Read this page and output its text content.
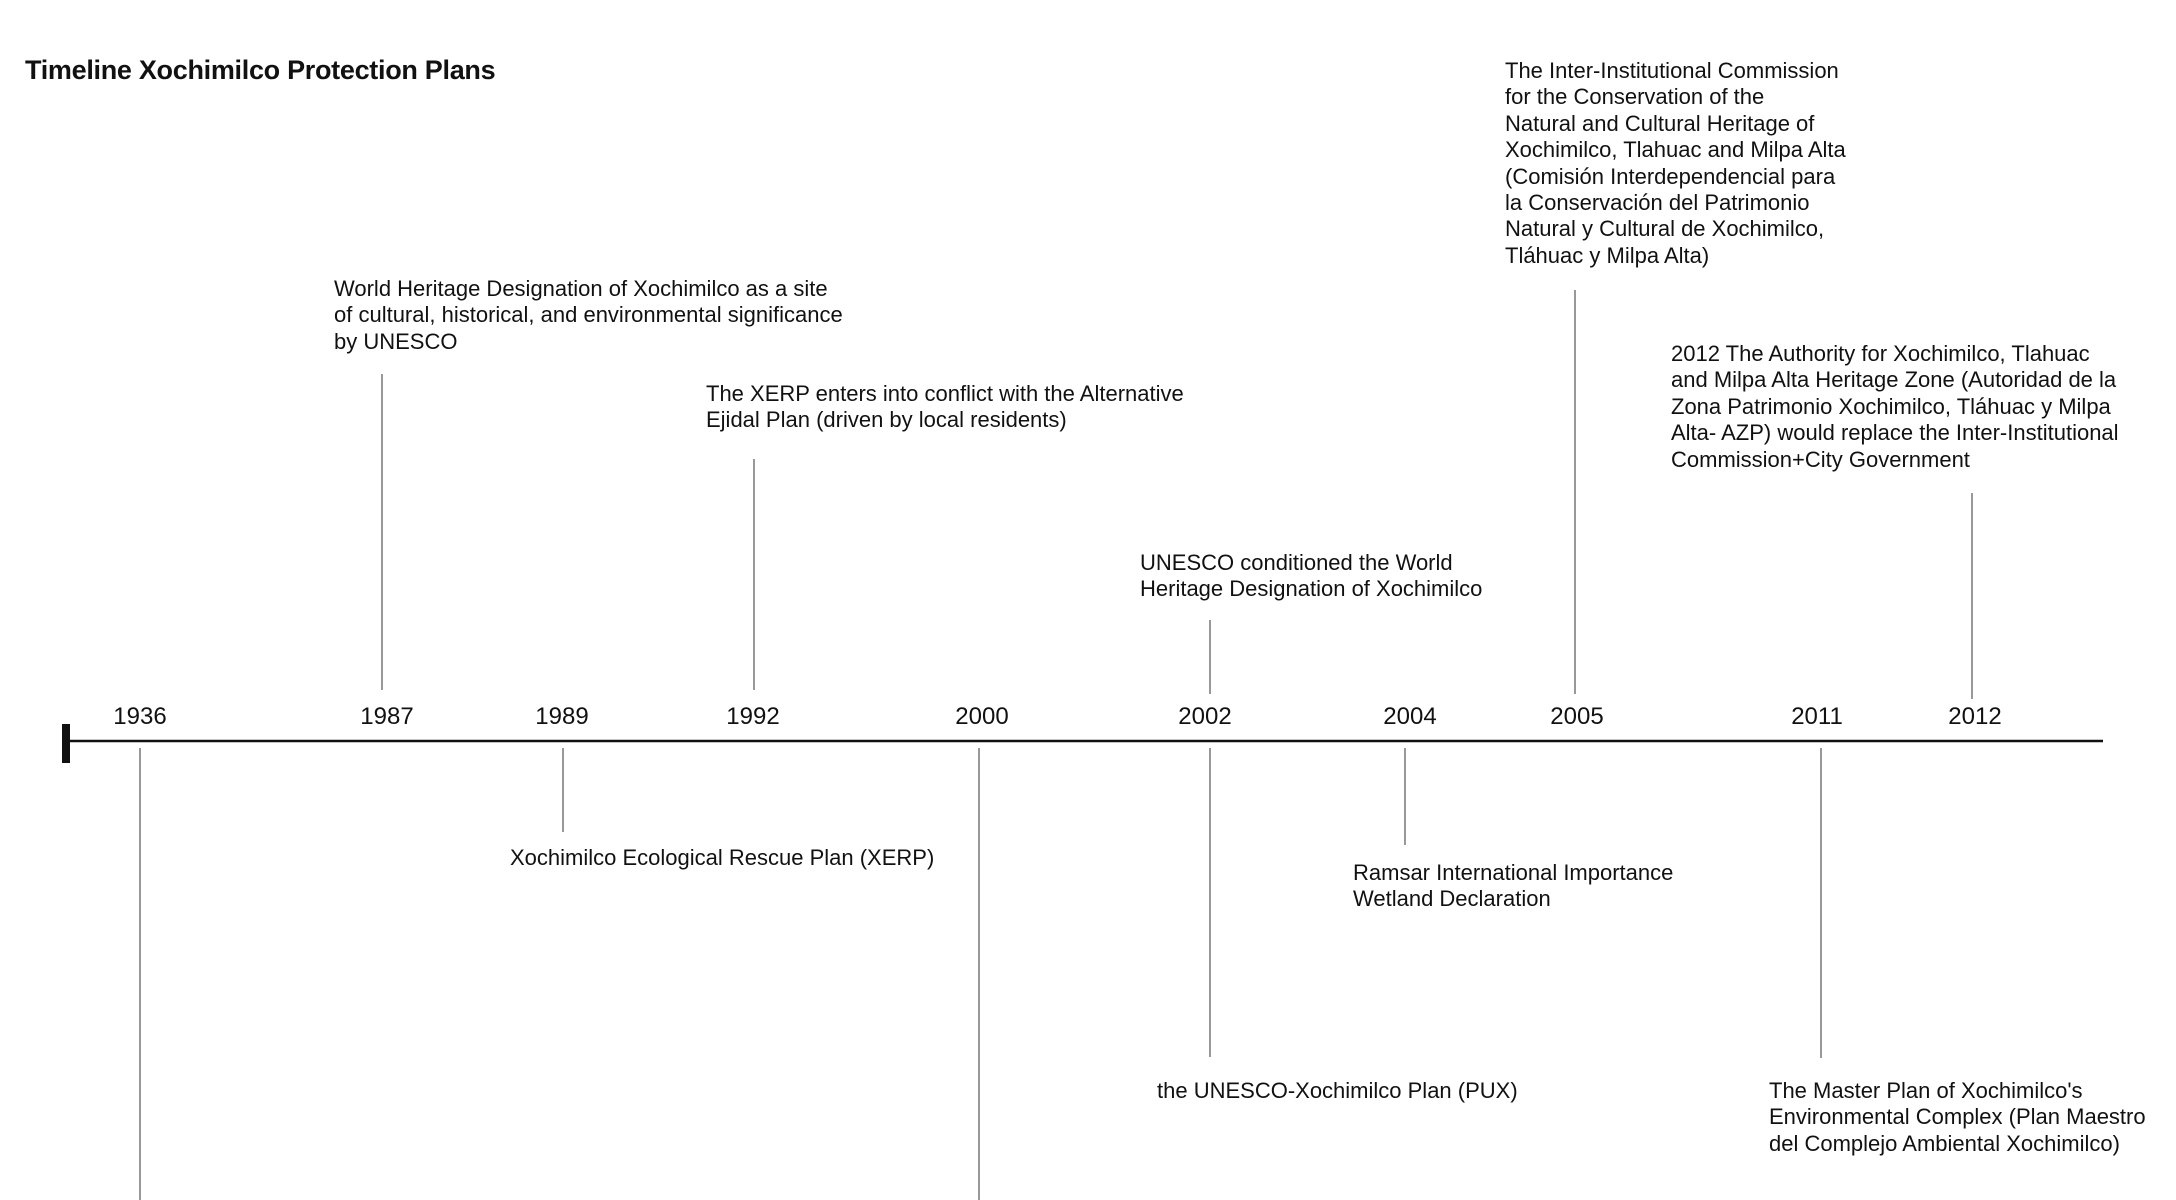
Timeline Xochimilco Protection Plans
1936	1987	1989	1992	2000	2002	2004	2005	2011	2012
World Heritage Designation of Xochimilco as a site
of cultural, historical, and environmental significance
by UNESCO
Xochimilco Ecological Rescue Plan (XERP)
The XERP enters into conflict with the Alternative
Ejidal Plan (driven by local residents)
UNESCO conditioned the World
Heritage Designation of Xochimilco
the UNESCO-Xochimilco Plan (PUX)
Ramsar International Importance
Wetland Declaration
The Inter-Institutional Commission
for the Conservation of the
Natural and Cultural Heritage of
Xochimilco, Tlahuac and Milpa Alta
(Comisión Interdependencial para
la Conservación del Patrimonio
Natural y Cultural de Xochimilco,
Tláhuac y Milpa Alta)
The Master Plan of Xochimilco's
Environmental Complex (Plan Maestro
del Complejo Ambiental Xochimilco)
2012 The Authority for Xochimilco, Tlahuac
and Milpa Alta Heritage Zone (Autoridad de la
Zona Patrimonio Xochimilco, Tláhuac y Milpa
Alta- AZP) would replace the Inter-Institutional
Commission+City Government
